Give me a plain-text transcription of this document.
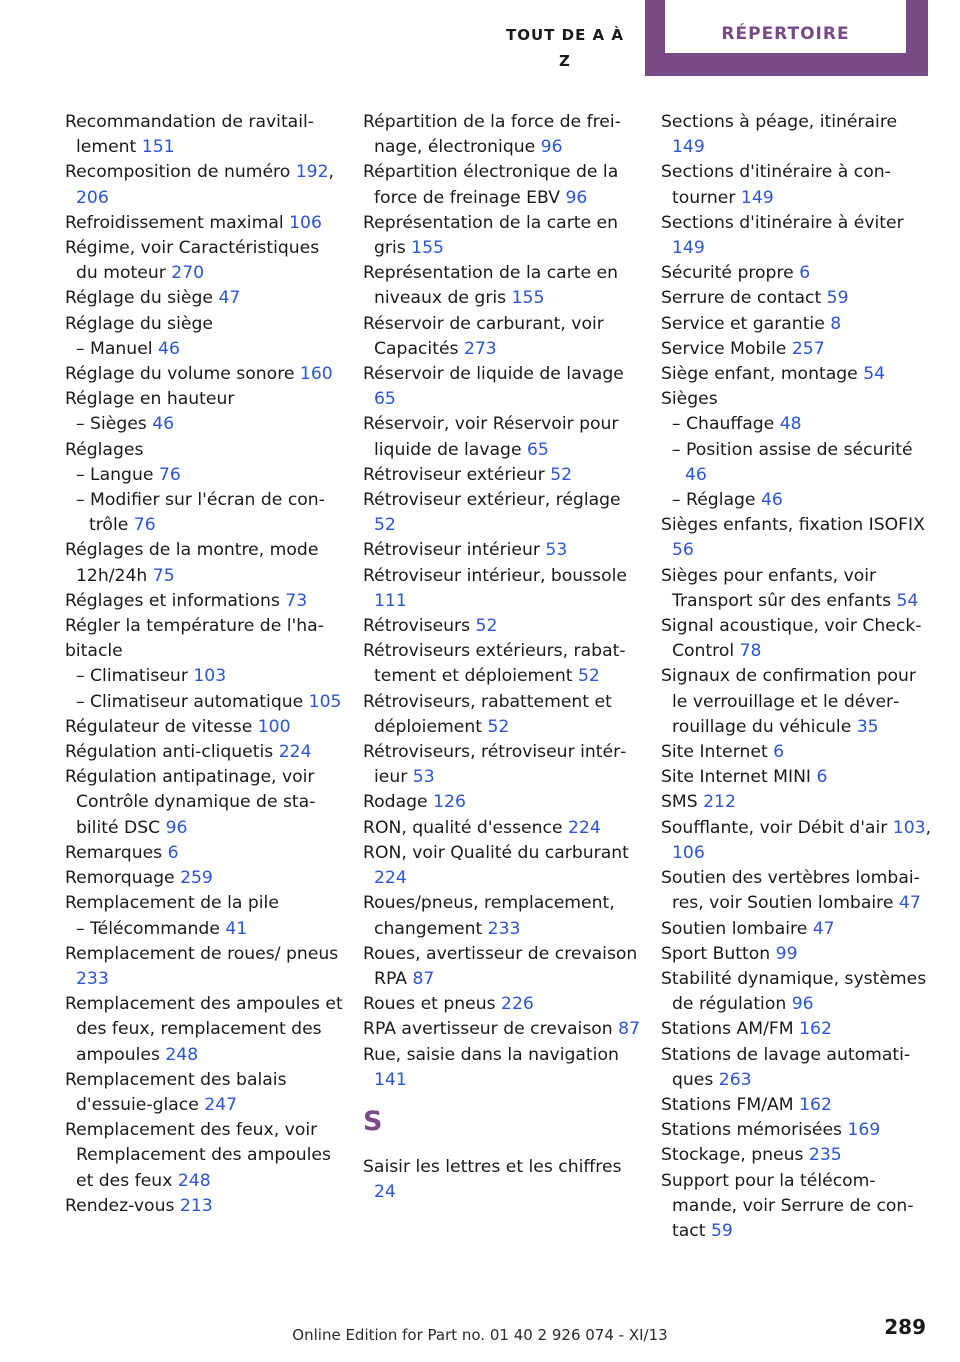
TOUT DE A À Z
RÉPERTOIRE
Recommandation de ravitaillement 151
Recomposition de numéro 192, 206
Refroidissement maximal 106
Régime, voir Caractéristiques du moteur 270
Réglage du siège 47
Réglage du siège
– Manuel 46
Réglage du volume sonore 160
Réglage en hauteur
– Sièges 46
Réglages
– Langue 76
– Modifier sur l'écran de contrôle 76
Réglages de la montre, mode 12h/24h 75
Réglages et informations 73
Régler la température de l'habitacle
– Climatiseur 103
– Climatiseur automatique 105
Régulateur de vitesse 100
Régulation anti-cliquetis 224
Régulation antipatinage, voir Contrôle dynamique de stabilité DSC 96
Remarques 6
Remorquage 259
Remplacement de la pile
– Télécommande 41
Remplacement de roues/ pneus 233
Remplacement des ampoules et des feux, remplacement des ampoules 248
Remplacement des balais d'essuie-glace 247
Remplacement des feux, voir Remplacement des ampoules et des feux 248
Rendez-vous 213
Répartition de la force de freinage, électronique 96
Répartition électronique de la force de freinage EBV 96
Représentation de la carte en gris 155
Représentation de la carte en niveaux de gris 155
Réservoir de carburant, voir Capacités 273
Réservoir de liquide de lavage 65
Réservoir, voir Réservoir pour liquide de lavage 65
Rétroviseur extérieur 52
Rétroviseur extérieur, réglage 52
Rétroviseur intérieur 53
Rétroviseur intérieur, boussole 111
Rétroviseurs 52
Rétroviseurs extérieurs, rabattement et déploiement 52
Rétroviseurs, rabattement et déploiement 52
Rétroviseurs, rétroviseur intérieur 53
Rodage 126
RON, qualité d'essence 224
RON, voir Qualité du carburant 224
Roues/pneus, remplacement, changement 233
Roues, avertisseur de crevaison RPA 87
Roues et pneus 226
RPA avertisseur de crevaison 87
Rue, saisie dans la navigation 141
S
Saisir les lettres et les chiffres 24
Sections à péage, itinéraire 149
Sections d'itinéraire à contourner 149
Sections d'itinéraire à éviter 149
Sécurité propre 6
Serrure de contact 59
Service et garantie 8
Service Mobile 257
Siège enfant, montage 54
Sièges
– Chauffage 48
– Position assise de sécurité 46
– Réglage 46
Sièges enfants, fixation ISOFIX 56
Sièges pour enfants, voir Transport sûr des enfants 54
Signal acoustique, voir Check-Control 78
Signaux de confirmation pour le verrouillage et le déverrouillage du véhicule 35
Site Internet 6
Site Internet MINI 6
SMS 212
Soufflante, voir Débit d'air 103, 106
Soutien des vertèbres lombaires, voir Soutien lombaire 47
Soutien lombaire 47
Sport Button 99
Stabilité dynamique, systèmes de régulation 96
Stations AM/FM 162
Stations de lavage automatiques 263
Stations FM/AM 162
Stations mémorisées 169
Stockage, pneus 235
Support pour la télécommande, voir Serrure de contact 59
Online Edition for Part no. 01 40 2 926 074 - XI/13	289
